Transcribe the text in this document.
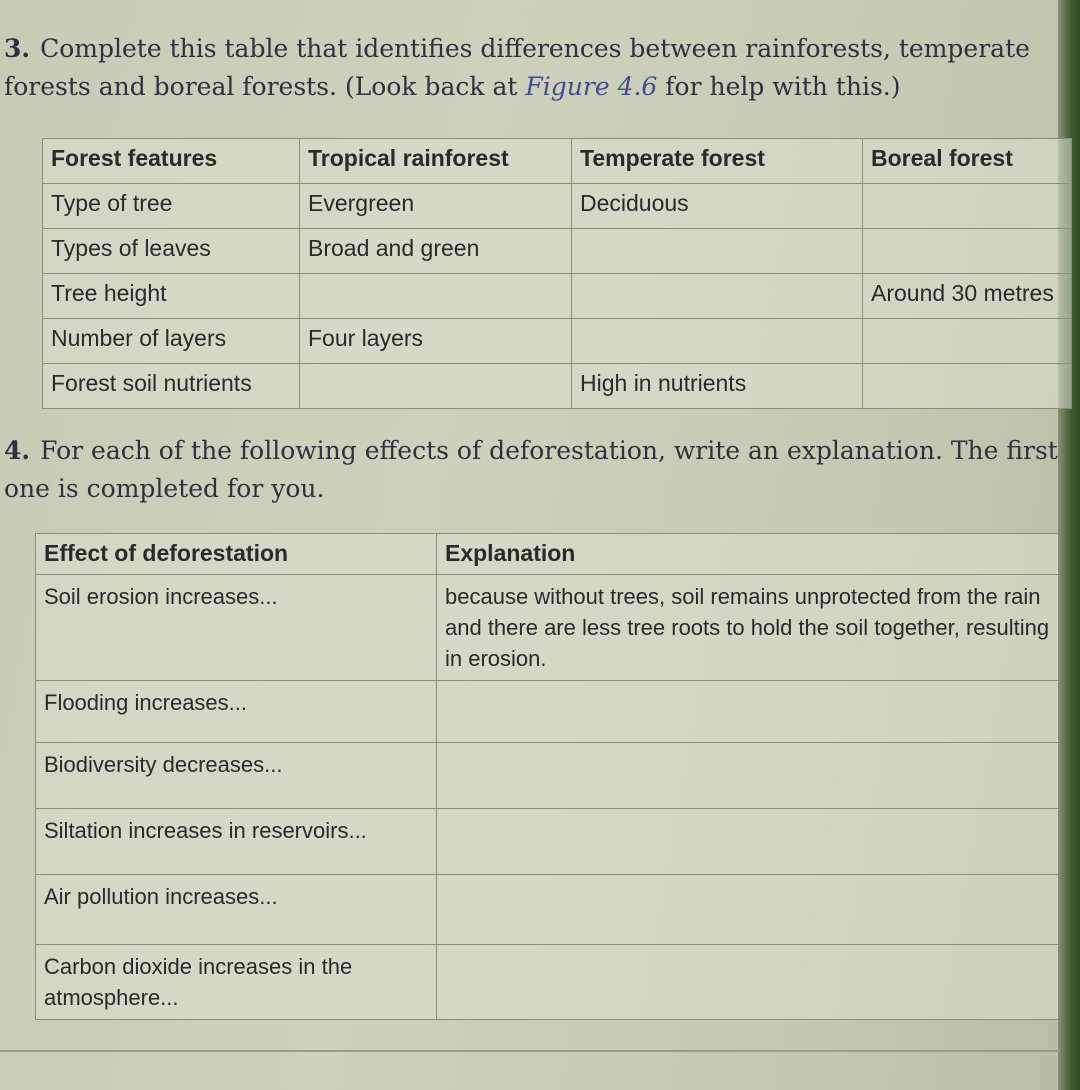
3. Complete this table that identifies differences between rainforests, temperate forests and boreal forests. (Look back at Figure 4.6 for help with this.)
Forest features	Tropical rainforest	Temperate forest	Boreal forest
Type of tree	Evergreen	Deciduous	
Types of leaves	Broad and green		
Tree height			Around 30 metres
Number of layers	Four layers		
Forest soil nutrients		High in nutrients	
4. For each of the following effects of deforestation, write an explanation. The first one is completed for you.
Effect of deforestation	Explanation
Soil erosion increases...	because without trees, soil remains unprotected from the rain and there are less tree roots to hold the soil together, resulting in erosion.
Flooding increases...	
Biodiversity decreases...	
Siltation increases in reservoirs...	
Air pollution increases...	
Carbon dioxide increases in the atmosphere...	
